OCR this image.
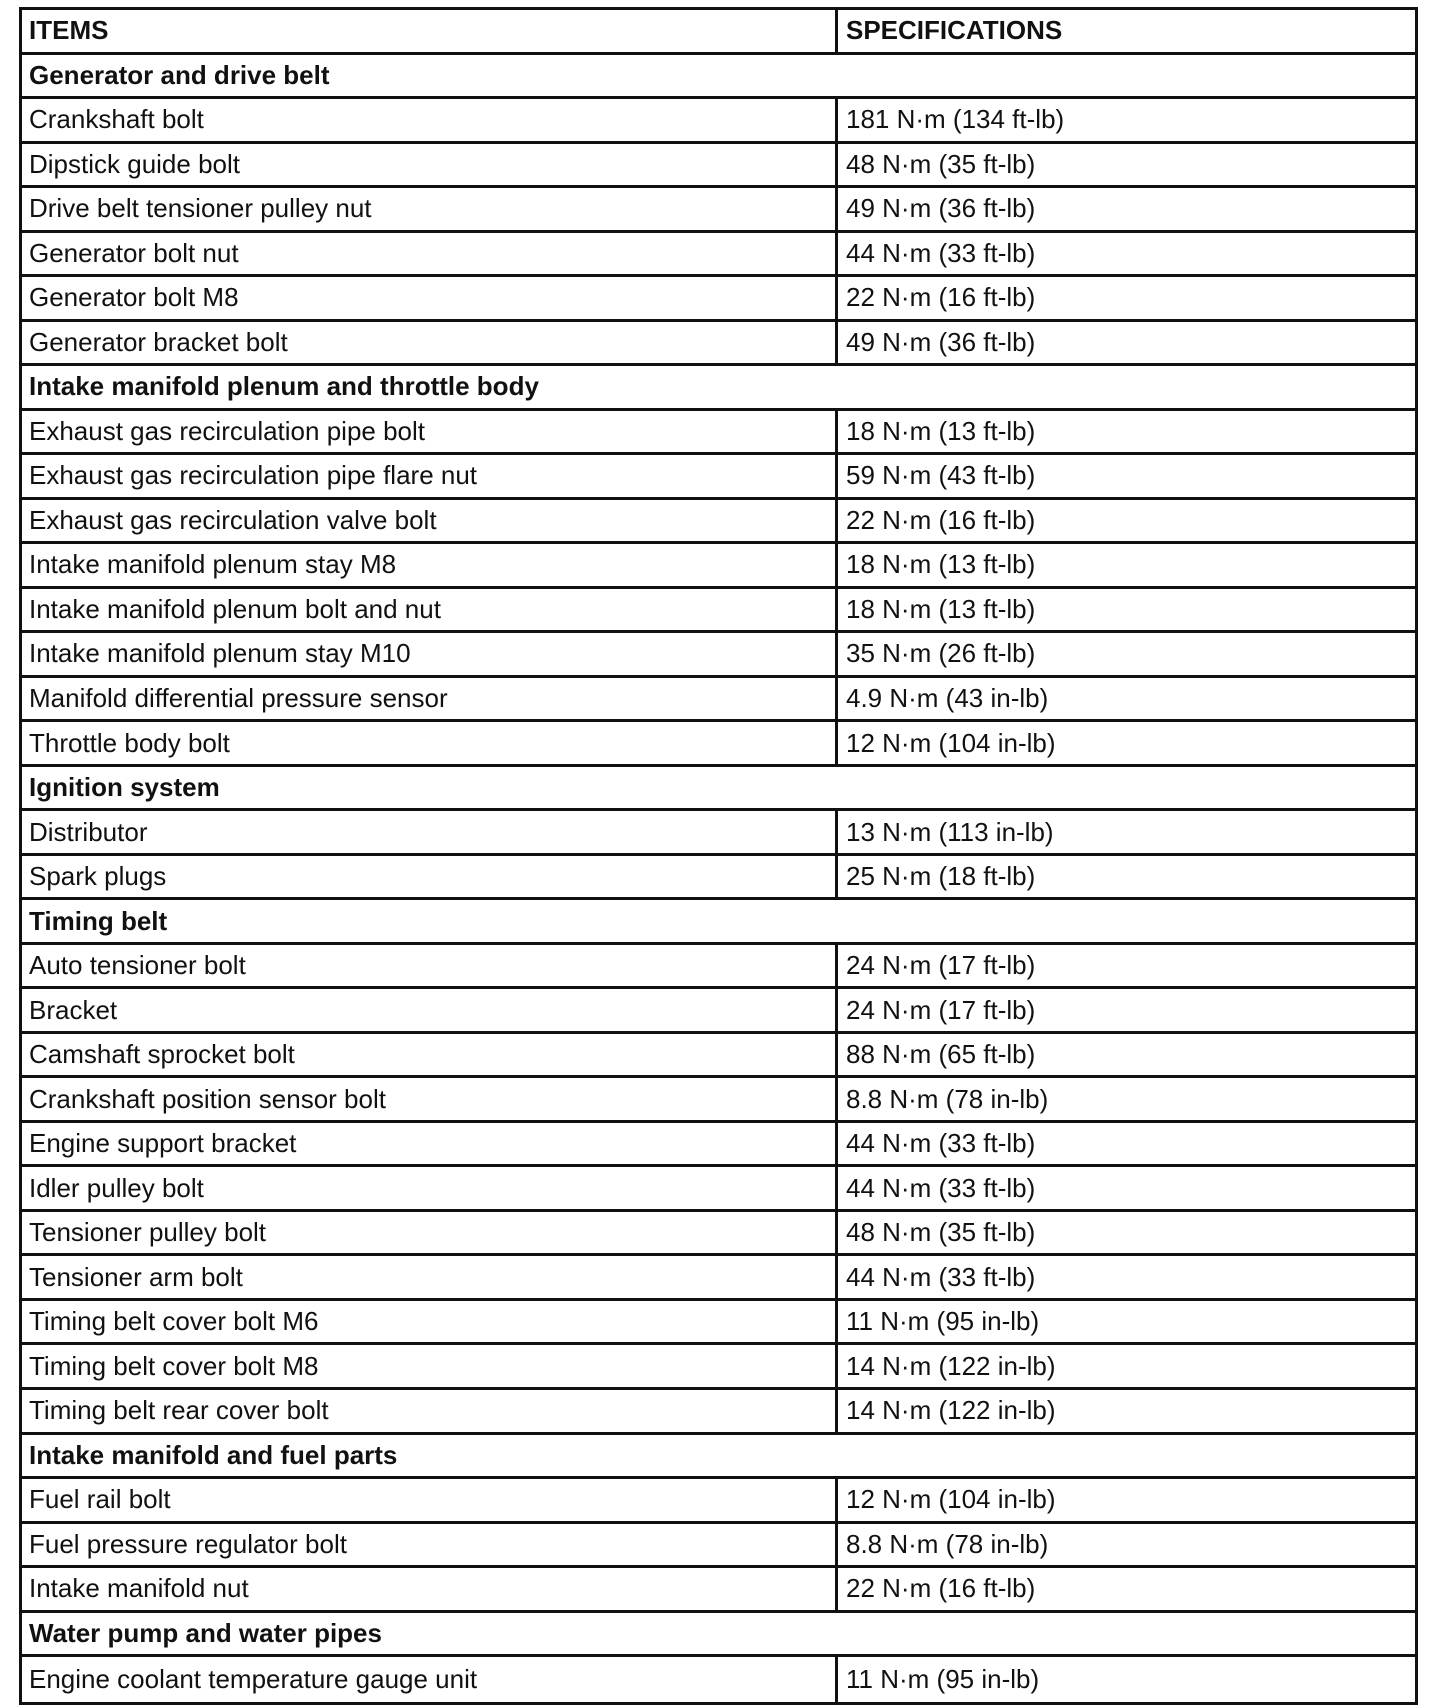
ITEMS	SPECIFICATIONS
Generator and drive belt
Crankshaft bolt	181 N·m (134 ft-lb)
Dipstick guide bolt	48 N·m (35 ft-lb)
Drive belt tensioner pulley nut	49 N·m (36 ft-lb)
Generator bolt nut	44 N·m (33 ft-lb)
Generator bolt M8	22 N·m (16 ft-lb)
Generator bracket bolt	49 N·m (36 ft-lb)
Intake manifold plenum and throttle body
Exhaust gas recirculation pipe bolt	18 N·m (13 ft-lb)
Exhaust gas recirculation pipe flare nut	59 N·m (43 ft-lb)
Exhaust gas recirculation valve bolt	22 N·m (16 ft-lb)
Intake manifold plenum stay M8	18 N·m (13 ft-lb)
Intake manifold plenum bolt and nut	18 N·m (13 ft-lb)
Intake manifold plenum stay M10	35 N·m (26 ft-lb)
Manifold differential pressure sensor	4.9 N·m (43 in-lb)
Throttle body bolt	12 N·m (104 in-lb)
Ignition system
Distributor	13 N·m (113 in-lb)
Spark plugs	25 N·m (18 ft-lb)
Timing belt
Auto tensioner bolt	24 N·m (17 ft-lb)
Bracket	24 N·m (17 ft-lb)
Camshaft sprocket bolt	88 N·m (65 ft-lb)
Crankshaft position sensor bolt	8.8 N·m (78 in-lb)
Engine support bracket	44 N·m (33 ft-lb)
Idler pulley bolt	44 N·m (33 ft-lb)
Tensioner pulley bolt	48 N·m (35 ft-lb)
Tensioner arm bolt	44 N·m (33 ft-lb)
Timing belt cover bolt M6	11 N·m (95 in-lb)
Timing belt cover bolt M8	14 N·m (122 in-lb)
Timing belt rear cover bolt	14 N·m (122 in-lb)
Intake manifold and fuel parts
Fuel rail bolt	12 N·m (104 in-lb)
Fuel pressure regulator bolt	8.8 N·m (78 in-lb)
Intake manifold nut	22 N·m (16 ft-lb)
Water pump and water pipes
Engine coolant temperature gauge unit	11 N·m (95 in-lb)
